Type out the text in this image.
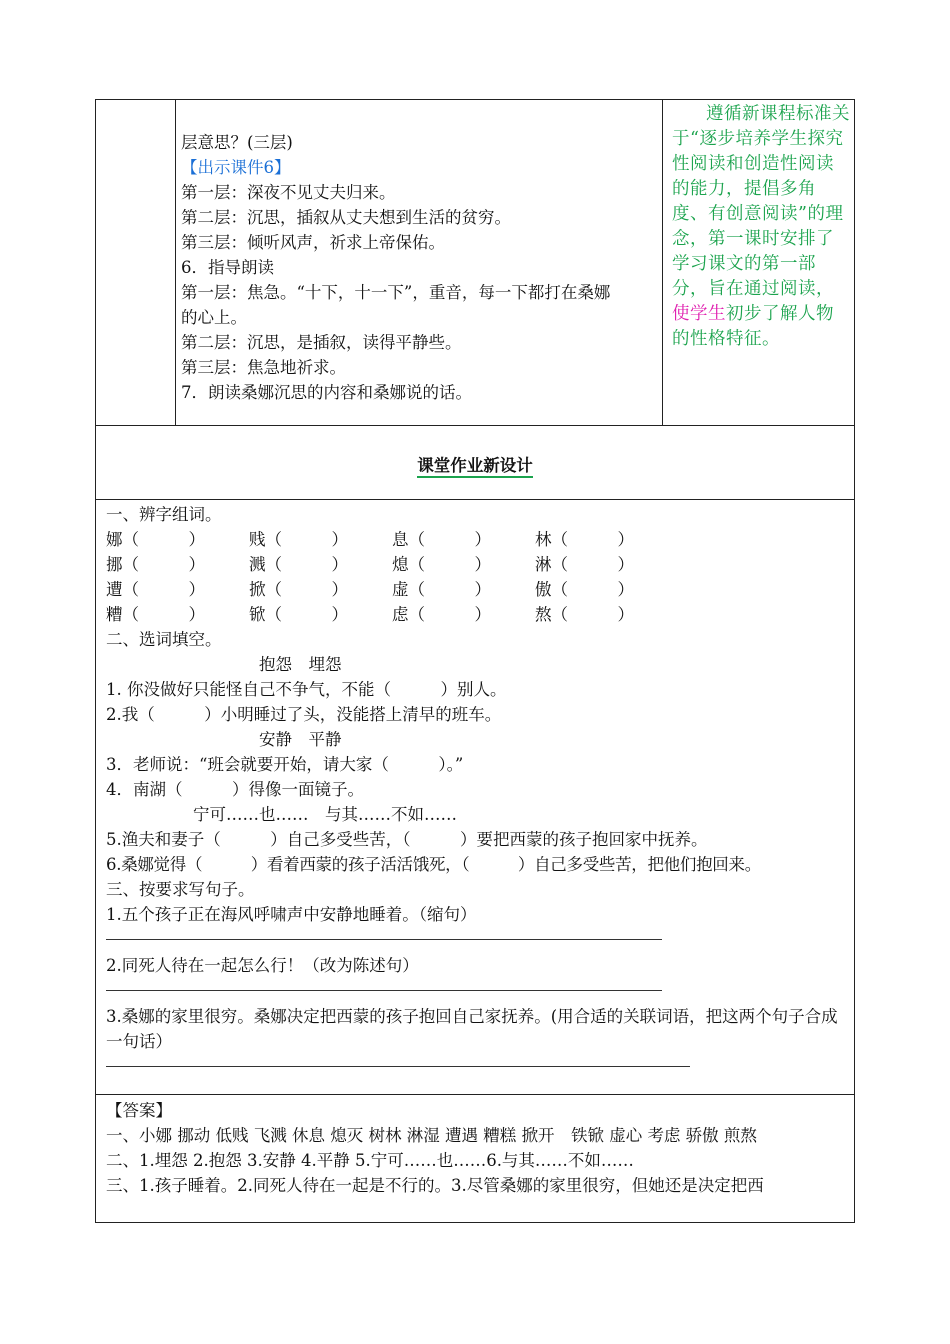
层意思？(三层)
【出示课件6】
第一层：深夜不见丈夫归来。
第二层：沉思，插叙从丈夫想到生活的贫穷。
第三层：倾听风声，祈求上帝保佑。
6．指导朗读
第一层：焦急。“十下，十一下”，重音，每一下都打在桑娜
的心上。
第二层：沉思，是插叙，读得平静些。
第三层：焦急地祈求。
7．朗读桑娜沉思的内容和桑娜说的话。
遵循新课程标准关于“逐步培养学生探究性阅读和创造性阅读的能力，提倡多角度、有创意阅读”的理念，第一课时安排了学习课文的第一部分，旨在通过阅读，使学生初步了解人物的性格特征。
课堂作业新设计
一、辨字组词。
娜（　　　）	贱（　　　）	息（　　　）	林（　　　）
挪（　　　）	溅（　　　）	熄（　　　）	淋（　　　）
遭（　　　）	掀（　　　）	虚（　　　）	傲（　　　）
糟（　　　）	锨（　　　）	虑（　　　）	熬（　　　）
二、选词填空。
抱怨　埋怨
1. 你没做好只能怪自己不争气，不能（　　　）别人。
2.我（　　　）小明睡过了头，没能搭上清早的班车。
安静　平静
3．老师说：“班会就要开始，请大家（　　　）。”
4．南湖（　　　）得像一面镜子。
宁可……也……　与其……不如……
5.渔夫和妻子（　　　）自己多受些苦，（　　　）要把西蒙的孩子抱回家中抚养。
6.桑娜觉得（　　　）看着西蒙的孩子活活饿死，（　　　）自己多受些苦，把他们抱回来。
三、按要求写句子。
1.五个孩子正在海风呼啸声中安静地睡着。（缩句）
2.同死人待在一起怎么行！（改为陈述句）
3.桑娜的家里很穷。桑娜决定把西蒙的孩子抱回自己家抚养。(用合适的关联词语，把这两个句子合成一句话）
【答案】
一、小娜 挪动 低贱 飞溅 休息 熄灭 树林 淋湿 遭遇 糟糕 掀开　铁锨 虚心 考虑 骄傲 煎熬
二、1.埋怨 2.抱怨 3.安静 4.平静 5.宁可……也……6.与其……不如……
三、1.孩子睡着。2.同死人待在一起是不行的。3.尽管桑娜的家里很穷，但她还是决定把西
